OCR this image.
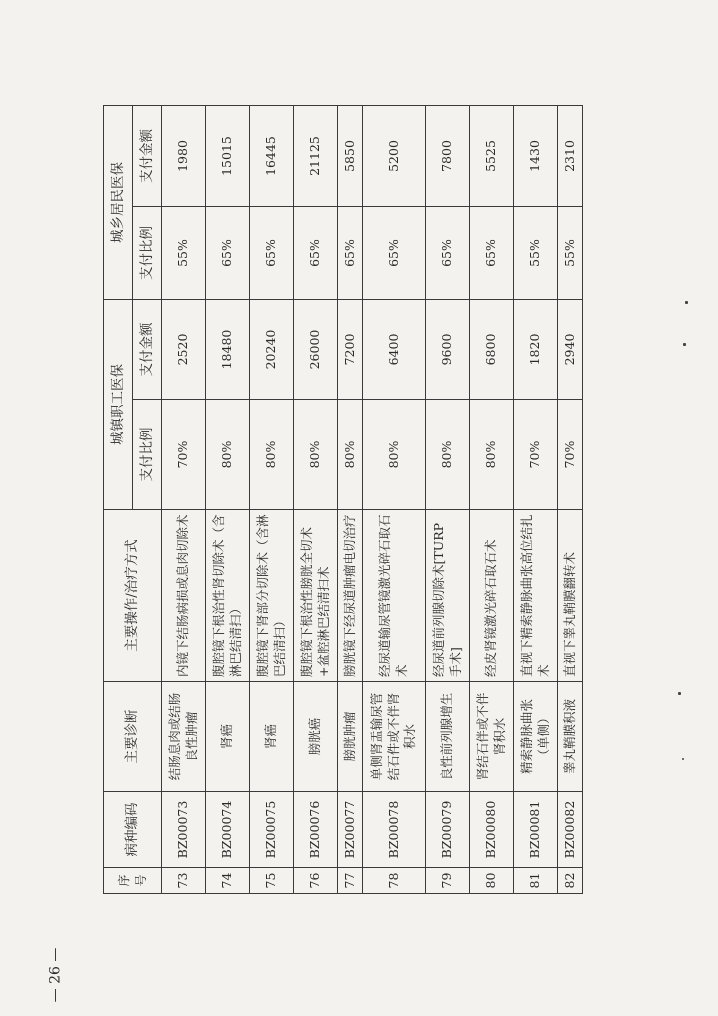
— 26 —
序号	病种编码	主要诊断	主要操作/治疗方式	城镇职工医保		城乡居民医保	
				支付比例	支付金额	支付比例	支付金额
73	BZ00073	结肠息肉或结肠良性肿瘤	内镜下结肠病损或息肉切除术	70%	2520	55%	1980
74	BZ00074	肾癌	腹腔镜下根治性肾切除术（含淋巴结清扫）	80%	18480	65%	15015
75	BZ00075	肾癌	腹腔镜下肾部分切除术（含淋巴结清扫）	80%	20240	65%	16445
76	BZ00076	膀胱癌	腹腔镜下根治性膀胱全切术+盆腔淋巴结清扫术	80%	26000	65%	21125
77	BZ00077	膀胱肿瘤	膀胱镜下经尿道肿瘤电切治疗	80%	7200	65%	5850
78	BZ00078	单侧肾盂输尿管结石件或不伴肾积水	经尿道输尿管镜激光碎石取石术	80%	6400	65%	5200
79	BZ00079	良性前列腺增生	经尿道前列腺切除术[TURP手术]	80%	9600	65%	7800
80	BZ00080	肾结石伴或不伴肾积水	经皮肾镜激光碎石取石术	80%	6800	65%	5525
81	BZ00081	精索静脉曲张（单侧）	直视下精索静脉曲张高位结扎术	70%	1820	55%	1430
82	BZ00082	睾丸鞘膜积液	直视下睾丸鞘膜翻转术	70%	2940	55%	2310
